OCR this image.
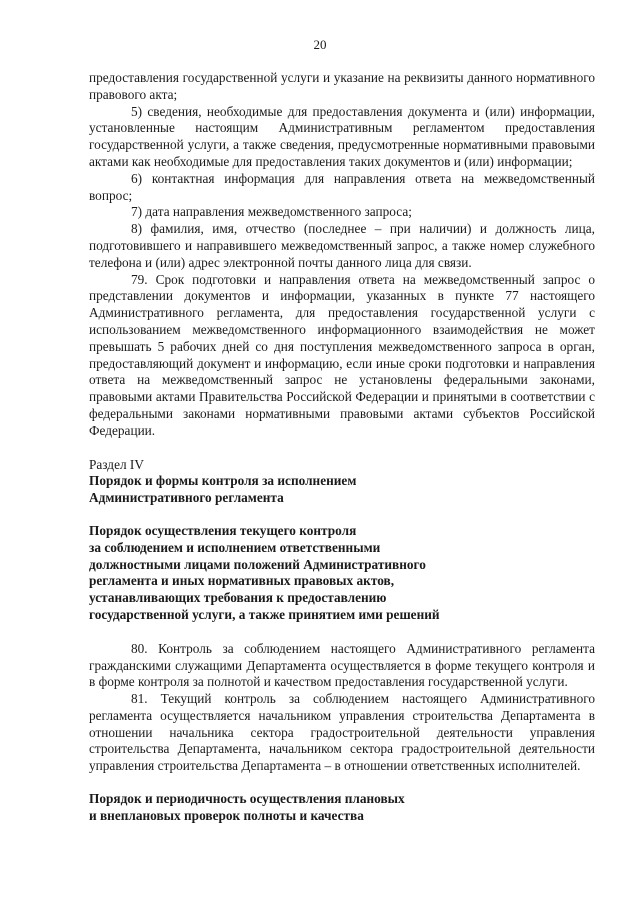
20

предоставления государственной услуги и указание на реквизиты данного нормативного правового акта;

5) сведения, необходимые для предоставления документа и (или) информации, установленные настоящим Административным регламентом предоставления государственной услуги, а также сведения, предусмотренные нормативными правовыми актами как необходимые для предоставления таких документов и (или) информации;

6) контактная информация для направления ответа на межведомственный вопрос;

7) дата направления межведомственного запроса;

8) фамилия, имя, отчество (последнее – при наличии) и должность лица, подготовившего и направившего межведомственный запрос, а также номер служебного телефона и (или) адрес электронной почты данного лица для связи.

79. Срок подготовки и направления ответа на межведомственный запрос о представлении документов и информации, указанных в пункте 77 настоящего Административного регламента, для предоставления государственной услуги с использованием межведомственного информационного взаимодействия не может превышать 5 рабочих дней со дня поступления межведомственного запроса в орган, предоставляющий документ и информацию, если иные сроки подготовки и направления ответа на межведомственный запрос не установлены федеральными законами, правовыми актами Правительства Российской Федерации и принятыми в соответствии с федеральными законами нормативными правовыми актами субъектов Российской Федерации.

Раздел IV

Порядок и формы контроля за исполнением

Административного регламента

Порядок осуществления текущего контроля

за соблюдением и исполнением ответственными

должностными лицами положений Административного

регламента и иных нормативных правовых актов,

устанавливающих требования к предоставлению

государственной услуги, а также принятием ими решений

80. Контроль за соблюдением настоящего Административного регламента гражданскими служащими Департамента осуществляется в форме текущего контроля и в форме контроля за полнотой и качеством предоставления государственной услуги.

81. Текущий контроль за соблюдением настоящего Административного регламента осуществляется начальником управления строительства Департамента в отношении начальника сектора градостроительной деятельности управления строительства Департамента, начальником сектора градостроительной деятельности управления строительства Департамента – в отношении ответственных исполнителей.

Порядок и периодичность осуществления плановых

и внеплановых проверок полноты и качества
